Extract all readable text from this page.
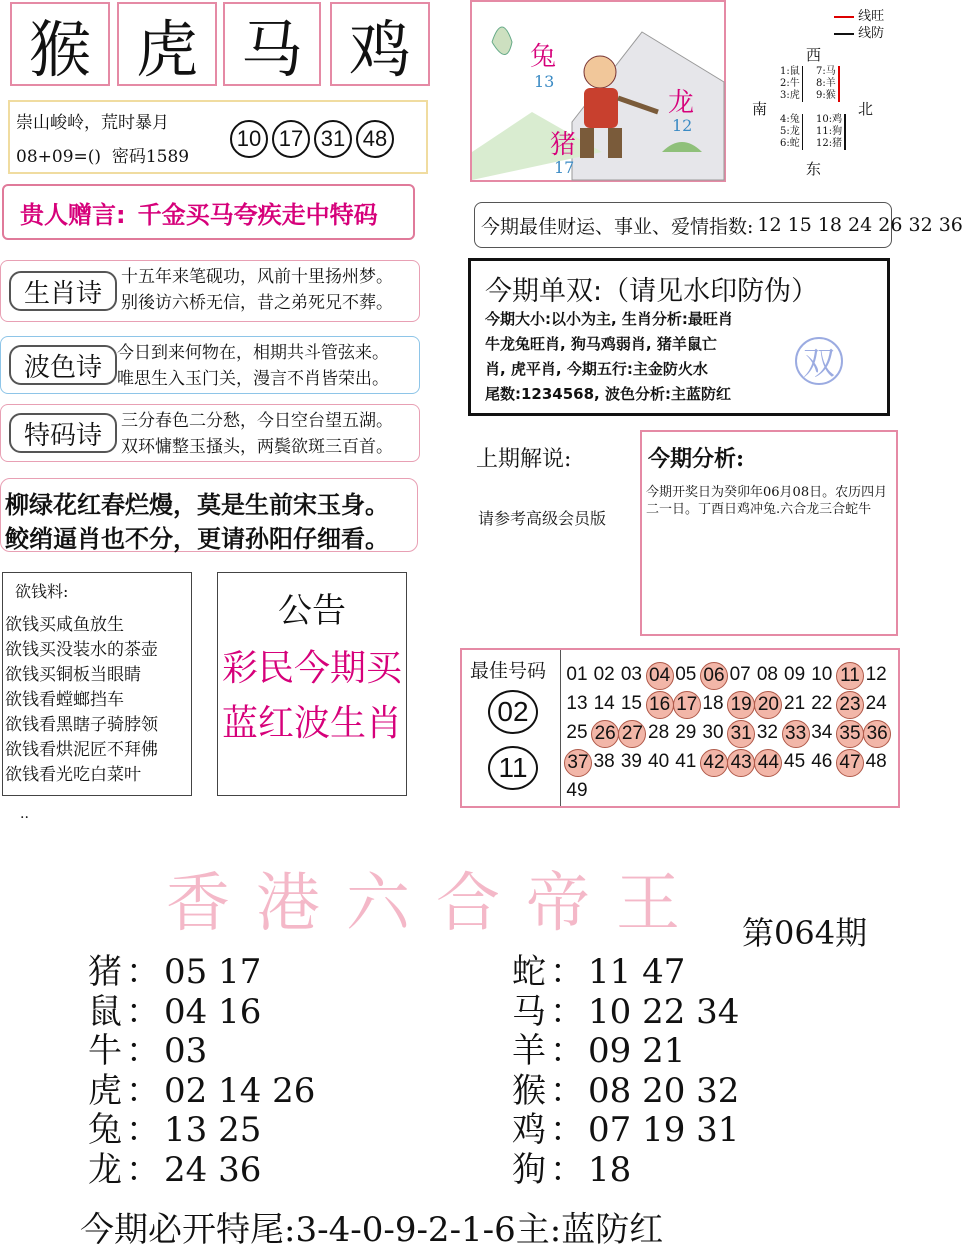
猴 虎 马 鸡
崇山峻岭，荒时暴月
08+09=()  密码1589
10 17 31 48
贵人赠言: 千金买马夸疾走中特码
生肖诗
十五年来笔砚功，风前十里扬州梦。
别後访六桥无信，昔之弟死兄不葬。
波色诗 今日到来何物在，相期共斗管弦来。
唯思生入玉门关，漫言不肖皆荣出。
特码诗	三分春色二分愁，今日空台望五湖。
双环慵整玉搔头，两鬓欲斑三百首。
柳绿花红春烂熳，莫是生前宋玉身。
鲛绡逼肖也不分，更请孙阳仔细看。
欲钱料:
欲钱买咸鱼放生
欲钱买没装水的茶壶
欲钱买铜板当眼睛
欲钱看螳螂挡车
欲钱看黑瞎子骑脖领
欲钱看烘泥匠不拜佛
欲钱看光吃白菜叶
..
公告
彩民今期买
蓝红波生肖
兔
13
龙
12
猪
17
线旺
线防
西
南	北
东
1:鼠
2:牛
3:虎
7:马
8:羊
9:猴
4:兔
5:龙
6:蛇
10:鸡
11:狗
12:猪
今期最佳财运、事业、爱情指数: 12 15 18 24 26 32 36
今期单双:（请见水印防伪）
双
今期大小:以小为主, 生肖分析:最旺肖
牛龙兔旺肖, 狗马鸡弱肖, 猪羊鼠亡
肖, 虎平肖, 今期五行:主金防火水
尾数:1234568, 波色分析:主蓝防红
上期解说:
请参考高级会员版
今期分析:
今期开奖日为癸卯年06月08日。农历四月二一日。丁酉日鸡冲兔.六合龙三合蛇牛
最佳号码
02
11
01 02 03 04 05 06 07 08 09 10 11 12
13 14 15 16 17 18 19 20 21 22 23 24
25 26 27 28 29 30 31 32 33 34 35 36
37 38 39 40 41 42 43 44 45 46 47 48
49
香港六合帝王 第064期
猪 ： 05 17
鼠 ： 04 16
牛 ： 03
虎 ： 02 14 26
兔 ： 13 25
龙 ： 24 36
蛇 ： 11 47
马 ： 10 22 34
羊 ： 09 21
猴 ： 08 20 32
鸡 ： 07 19 31
狗 ： 18
今期必开特尾:3-4-0-9-2-1-6主:蓝防红
